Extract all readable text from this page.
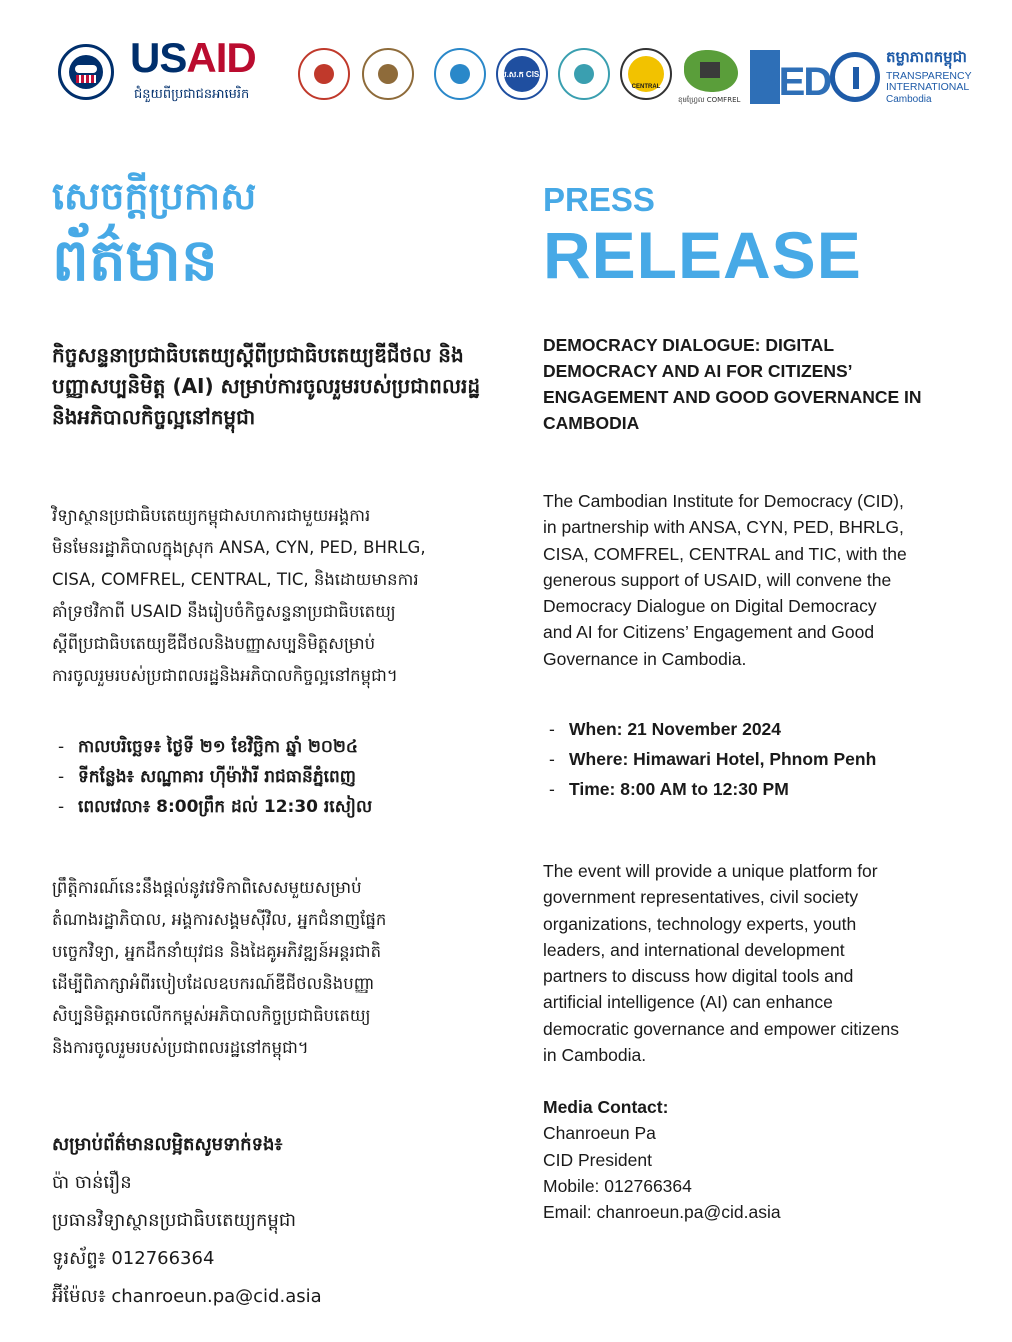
USAID
ជំនួយពីប្រជាជនអាមេរិក
ស.ស.ក CISA
CENTRAL
ខុមហ្វ្រែល COMFREL PED
តម្លាភាពកម្ពុជា
TRANSPARENCY
INTERNATIONAL
Cambodia
សេចក្តីប្រកាស
ព័ត៌មាន
PRESS
RELEASE
កិច្ចសន្ទនាប្រជាធិបតេយ្យស្តីពីប្រជាធិបតេយ្យឌីជីថល និងបញ្ញាសប្បនិមិត្ត (AI) សម្រាប់ការចូលរួមរបស់ប្រជាពលរដ្ឋ និងអភិបាលកិច្ចល្អនៅកម្ពុជា
DEMOCRACY DIALOGUE: DIGITAL
DEMOCRACY AND AI FOR CITIZENS’
ENGAGEMENT AND GOOD GOVERNANCE IN
CAMBODIA
វិទ្យាស្ថានប្រជាធិបតេយ្យកម្ពុជាសហការជាមួយអង្គការ
មិនមែនរដ្ឋាភិបាលក្នុងស្រុក ANSA, CYN, PED, BHRLG,
CISA, COMFREL, CENTRAL, TIC, និងដោយមានការ
គាំទ្រថវិកាពី USAID នឹងរៀបចំកិច្ចសន្ទនាប្រជាធិបតេយ្យ
ស្តីពីប្រជាធិបតេយ្យឌីជីថលនិងបញ្ញាសប្បនិមិត្តសម្រាប់
ការចូលរួមរបស់ប្រជាពលរដ្ឋនិងអភិបាលកិច្ចល្អនៅកម្ពុជា។
The Cambodian Institute for Democracy (CID),
in partnership with ANSA, CYN, PED, BHRLG,
CISA, COMFREL, CENTRAL and TIC, with the
generous support of USAID, will convene the
Democracy Dialogue on Digital Democracy
and AI for Citizens’ Engagement and Good
Governance in Cambodia.
- កាលបរិច្ឆេទ៖ ថ្ងៃទី ២១ ខែវិច្ឆិកា ឆ្នាំ ២០២៤
- ទីកន្លែង៖ សណ្ឋាគារ ហ៊ីម៉ាវ៉ារី រាជធានីភ្នំពេញ
- ពេលវេលា៖ 8:00ព្រឹក ដល់ 12:30 រសៀល
- When: 21 November 2024
- Where: Himawari Hotel, Phnom Penh
- Time: 8:00 AM to 12:30 PM
ព្រឹត្តិការណ៍នេះនឹងផ្តល់នូវវេទិកាពិសេសមួយសម្រាប់
តំណាងរដ្ឋាភិបាល, អង្គការសង្គមស៊ីវិល, អ្នកជំនាញផ្នែក
បច្ចេកវិទ្យា, អ្នកដឹកនាំយុវជន និងដៃគូអភិវឌ្ឍន៍អន្តរជាតិ
ដើម្បីពិភាក្សាអំពីរបៀបដែលឧបករណ៍ឌីជីថលនិងបញ្ញា
សិប្បនិមិត្តអាចលើកកម្ពស់អភិបាលកិច្ចប្រជាធិបតេយ្យ
និងការចូលរួមរបស់ប្រជាពលរដ្ឋនៅកម្ពុជា។
The event will provide a unique platform for
government representatives, civil society
organizations, technology experts, youth
leaders, and international development
partners to discuss how digital tools and
artificial intelligence (AI) can enhance
democratic governance and empower citizens
in Cambodia.
សម្រាប់ព័ត៌មានលម្អិតសូមទាក់ទង៖
ប៉ា ចាន់រឿន
ប្រធានវិទ្យាស្ថានប្រជាធិបតេយ្យកម្ពុជា
ទូរស័ព្ទ៖ 012766364
អ៊ីម៉ែល៖ chanroeun.pa@cid.asia
Media Contact:
Chanroeun Pa
CID President
Mobile: 012766364
Email: chanroeun.pa@cid.asia
